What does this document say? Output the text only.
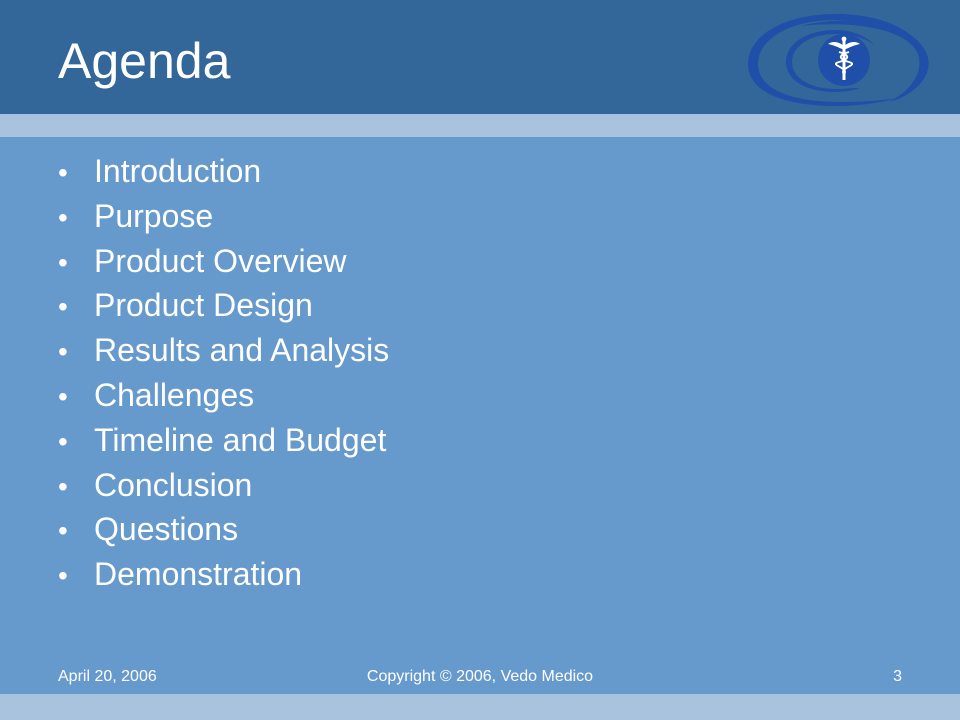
Agenda
• Introduction
• Purpose
• Product Overview
• Product Design
• Results and Analysis
• Challenges
• Timeline and Budget
• Conclusion
• Questions
• Demonstration
April 20, 2006	Copyright © 2006, Vedo Medico	3
